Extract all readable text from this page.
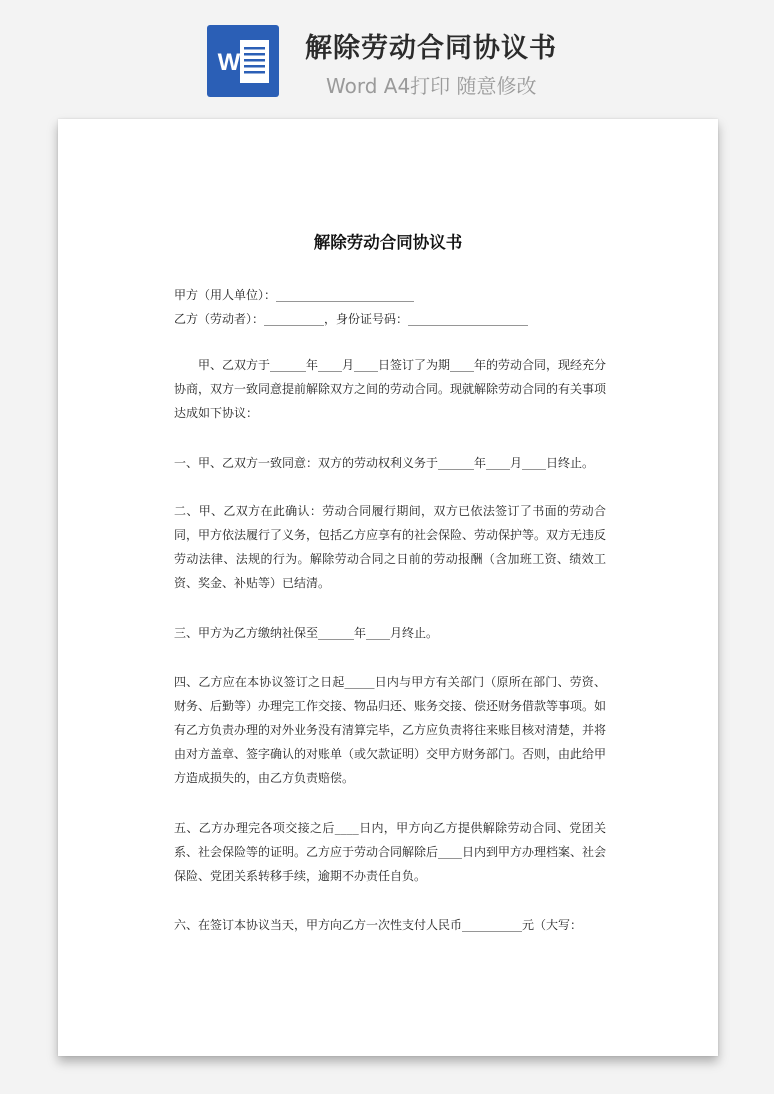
W 解除劳动合同协议书
Word A4打印 随意修改

解除劳动合同协议书
甲方（用人单位）：_______________________
乙方（劳动者）：__________，身份证号码：____________________
甲、乙双方于______年____月____日签订了为期____年的劳动合同，现经充分协商，双方一致同意提前解除双方之间的劳动合同。现就解除劳动合同的有关事项达成如下协议：
一、甲、乙双方一致同意：双方的劳动权利义务于______年____月____日终止。
二、甲、乙双方在此确认：劳动合同履行期间，双方已依法签订了书面的劳动合同，甲方依法履行了义务，包括乙方应享有的社会保险、劳动保护等。双方无违反劳动法律、法规的行为。解除劳动合同之日前的劳动报酬（含加班工资、绩效工资、奖金、补贴等）已结清。
三、甲方为乙方缴纳社保至______年____月终止。
四、乙方应在本协议签订之日起_____日内与甲方有关部门（原所在部门、劳资、财务、后勤等）办理完工作交接、物品归还、账务交接、偿还财务借款等事项。如有乙方负责办理的对外业务没有清算完毕，乙方应负责将往来账目核对清楚，并将由对方盖章、签字确认的对账单（或欠款证明）交甲方财务部门。否则，由此给甲方造成损失的，由乙方负责赔偿。
五、乙方办理完各项交接之后____日内，甲方向乙方提供解除劳动合同、党团关系、社会保险等的证明。乙方应于劳动合同解除后____日内到甲方办理档案、社会保险、党团关系转移手续，逾期不办责任自负。
六、在签订本协议当天，甲方向乙方一次性支付人民币__________元（大写：
